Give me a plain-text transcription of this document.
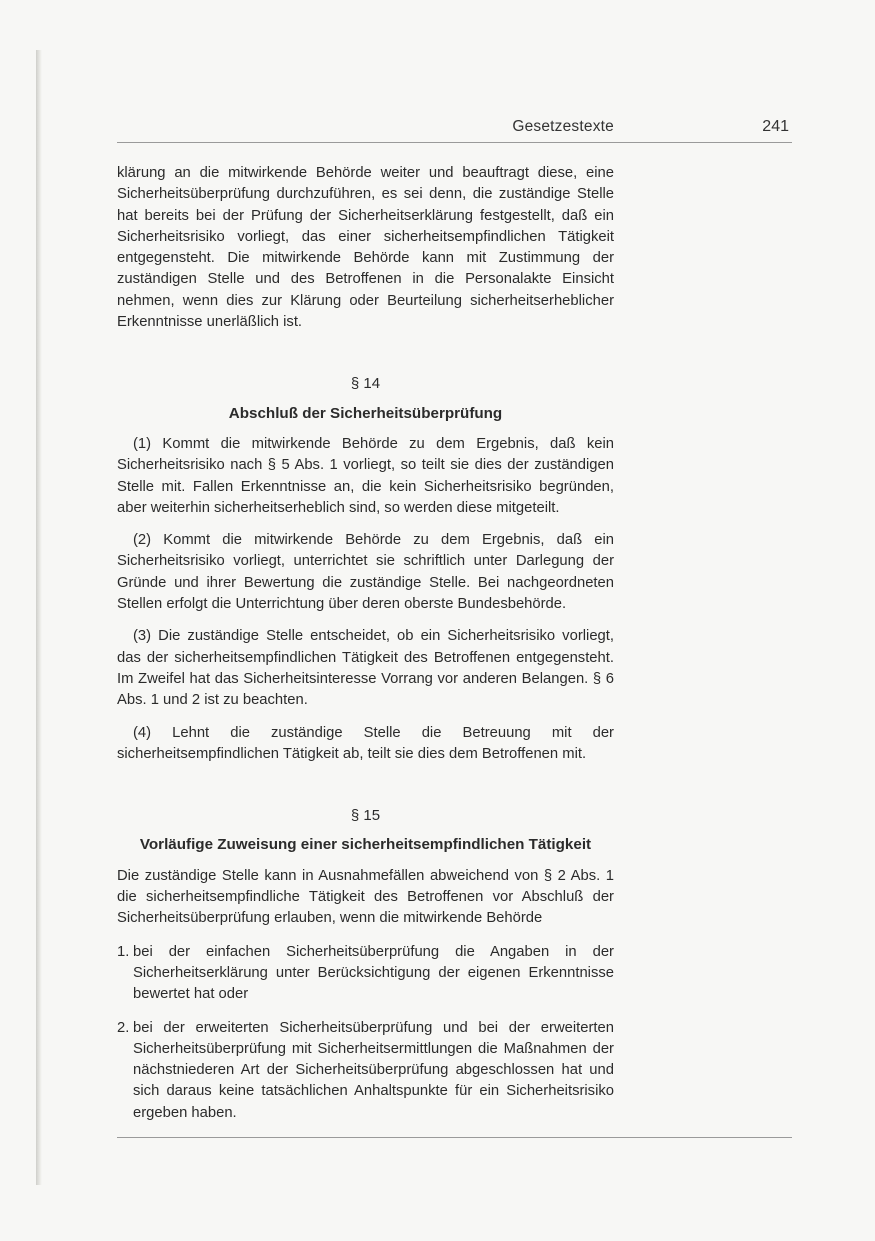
Gesetzestexte	241

klärung an die mitwirkende Behörde weiter und beauftragt diese, eine Sicherheitsüberprüfung durchzuführen, es sei denn, die zuständige Stelle hat bereits bei der Prüfung der Sicherheitserklärung festgestellt, daß ein Sicherheitsrisiko vorliegt, das einer sicherheitsempfindlichen Tätigkeit entgegensteht. Die mitwirkende Behörde kann mit Zustimmung der zuständigen Stelle und des Betroffenen in die Personalakte Einsicht nehmen, wenn dies zur Klärung oder Beurteilung sicherheitserheblicher Erkenntnisse unerläßlich ist.

§ 14

Abschluß der Sicherheitsüberprüfung

(1) Kommt die mitwirkende Behörde zu dem Ergebnis, daß kein Sicherheitsrisiko nach § 5 Abs. 1 vorliegt, so teilt sie dies der zuständigen Stelle mit. Fallen Erkenntnisse an, die kein Sicherheitsrisiko begründen, aber weiterhin sicherheitserheblich sind, so werden diese mitgeteilt.

(2) Kommt die mitwirkende Behörde zu dem Ergebnis, daß ein Sicherheitsrisiko vorliegt, unterrichtet sie schriftlich unter Darlegung der Gründe und ihrer Bewertung die zuständige Stelle. Bei nachgeordneten Stellen erfolgt die Unterrichtung über deren oberste Bundesbehörde.

(3) Die zuständige Stelle entscheidet, ob ein Sicherheitsrisiko vorliegt, das der sicherheitsempfindlichen Tätigkeit des Betroffenen entgegensteht. Im Zweifel hat das Sicherheitsinteresse Vorrang vor anderen Belangen. § 6 Abs. 1 und 2 ist zu beachten.

(4) Lehnt die zuständige Stelle die Betreuung mit der sicherheitsempfindlichen Tätigkeit ab, teilt sie dies dem Betroffenen mit.

§ 15

Vorläufige Zuweisung einer sicherheitsempfindlichen Tätigkeit

Die zuständige Stelle kann in Ausnahmefällen abweichend von § 2 Abs. 1 die sicherheitsempfindliche Tätigkeit des Betroffenen vor Abschluß der Sicherheitsüberprüfung erlauben, wenn die mitwirkende Behörde

1. bei der einfachen Sicherheitsüberprüfung die Angaben in der Sicherheitserklärung unter Berücksichtigung der eigenen Erkenntnisse bewertet hat oder
2. bei der erweiterten Sicherheitsüberprüfung und bei der erweiterten Sicherheitsüberprüfung mit Sicherheitsermittlungen die Maßnahmen der nächstniederen Art der Sicherheitsüberprüfung abgeschlossen hat und sich daraus keine tatsächlichen Anhaltspunkte für ein Sicherheitsrisiko ergeben haben.
